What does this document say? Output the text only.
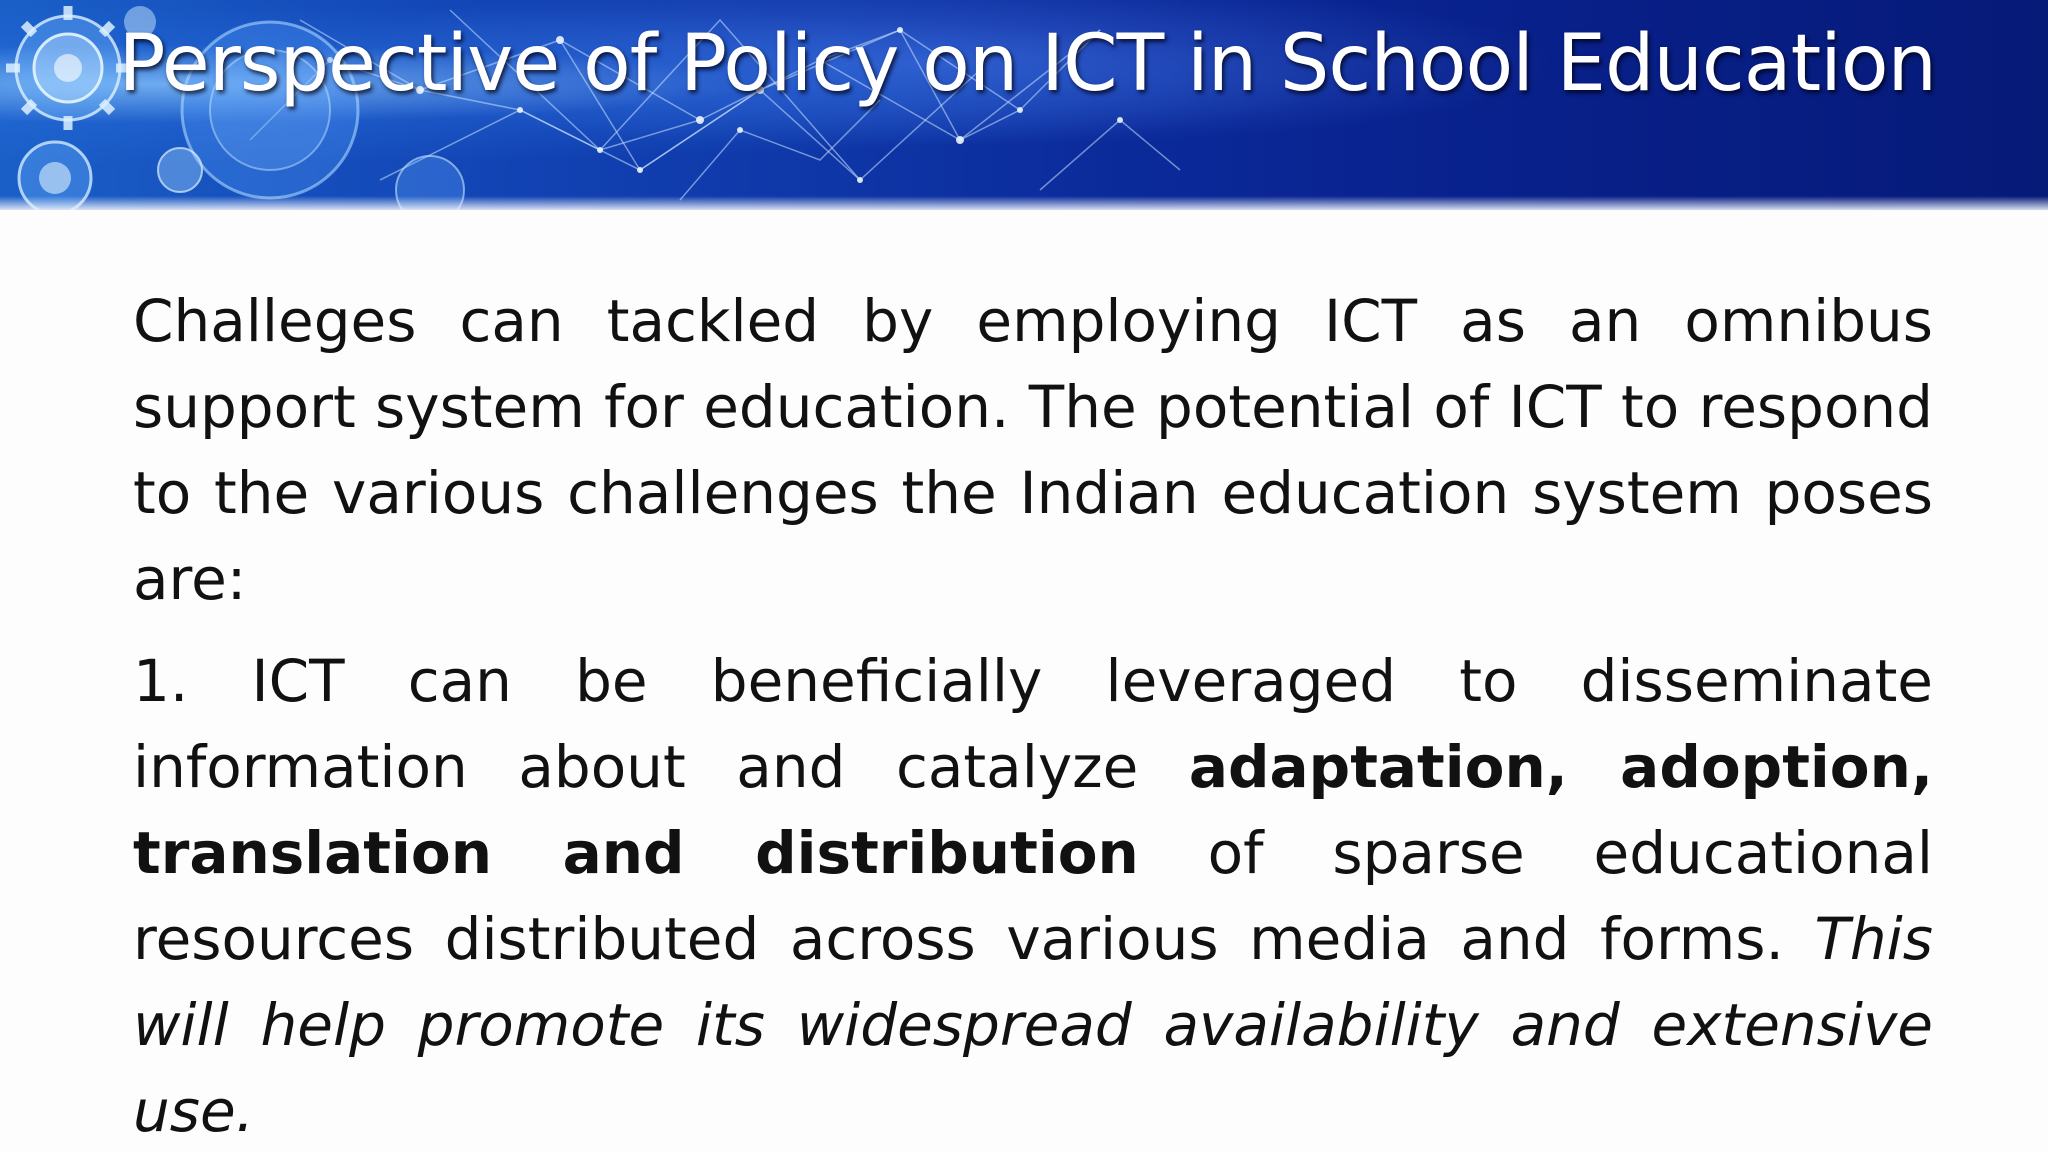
Perspective of Policy on ICT in School Education

Challeges can tackled by employing ICT as an omnibus support system for education. The potential of ICT to respond to the various challenges the Indian education system poses are:

1. ICT can be beneficially leveraged to disseminate information about and catalyze adaptation, adoption, translation and distribution of sparse educational resources distributed across various media and forms. This will help promote its widespread availability and extensive use.
